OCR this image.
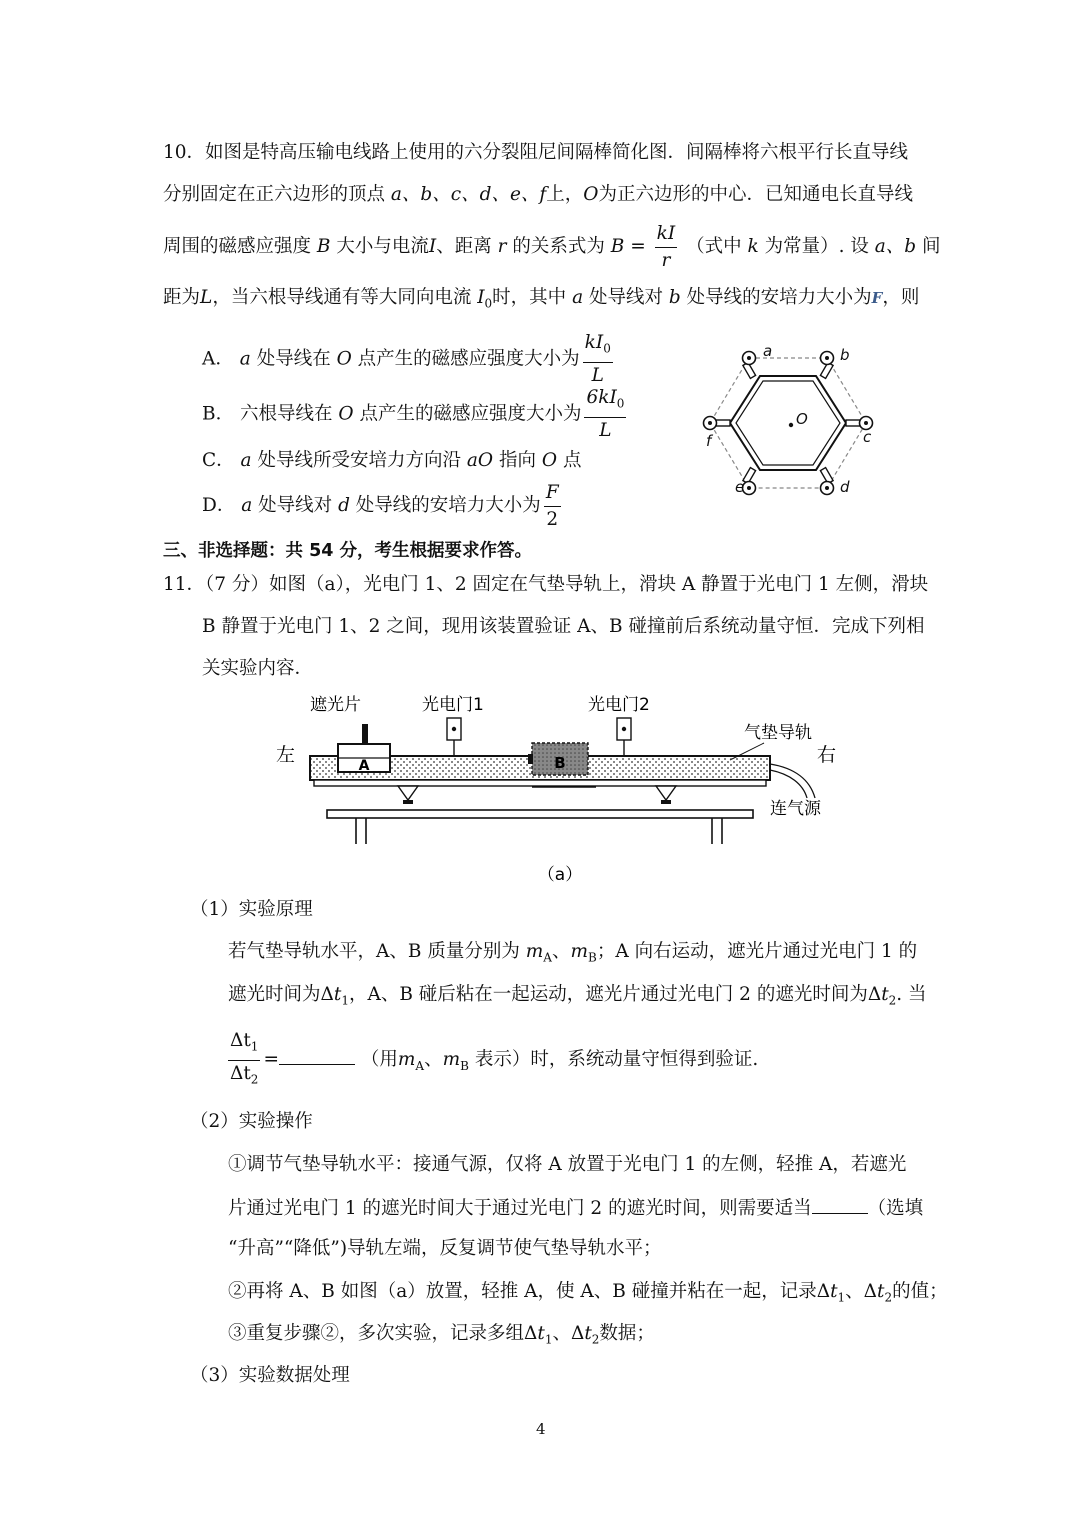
10．如图是特高压输电线路上使用的六分裂阻尼间隔棒简化图．间隔棒将六根平行长直导线
分别固定在正六边形的顶点 a、b、c、d、e、f上，O为正六边形的中心．已知通电长直导线
周围的磁感应强度 B 大小与电流I、距离 r 的关系式为 $B = \frac{kI}{r}$ （式中 k 为常量）. 设 a、b 间
距为L，当六根导线通有等大同向电流 $I_0$时，其中 a 处导线对 b 处导线的安培力大小为F，则
A． a 处导线在 O 点产生的磁感应强度大小为 $\frac{kI_0}{L}$
B． 六根导线在 O 点产生的磁感应强度大小为 $\frac{6kI_0}{L}$
C． a 处导线所受安培力方向沿 aO 指向 O 点
D． a 处导线对 d 处导线的安培力大小为 $\frac{F}{2}$
a	b
c
d
e
f
O
三、非选择题：共 54 分，考生根据要求作答。
11．（7 分）如图（a），光电门 1、2 固定在气垫导轨上，滑块 A 静置于光电门 1 左侧，滑块
B 静置于光电门 1、2 之间，现用该装置验证 A、B 碰撞前后系统动量守恒．完成下列相
关实验内容．
遮光片	光电门1	光电门2
气垫导轨
左	右
连气源
A	B
（a）
（1）实验原理
若气垫导轨水平，A、B 质量分别为 $m_A$、$m_B$；A 向右运动，遮光片通过光电门 1 的
遮光时间为$\Delta t_1$，A、B 碰后粘在一起运动，遮光片通过光电门 2 的遮光时间为$\Delta t_2$. 当
$\frac{\Delta t_1}{\Delta t_2}$ =	（用$m_A$、$m_B$ 表示）时，系统动量守恒得到验证.
（2）实验操作
①调节气垫导轨水平：接通气源，仅将 A 放置于光电门 1 的左侧，轻推 A，若遮光
片通过光电门 1 的遮光时间大于通过光电门 2 的遮光时间，则需要适当	（选填
“升高”“降低”)导轨左端，反复调节使气垫导轨水平；
②再将 A、B 如图（a）放置，轻推 A，使 A、B 碰撞并粘在一起，记录$\Delta t_1$、$\Delta t_2$的值；
③重复步骤②，多次实验，记录多组$\Delta t_1$、$\Delta t_2$数据；
（3）实验数据处理
4
